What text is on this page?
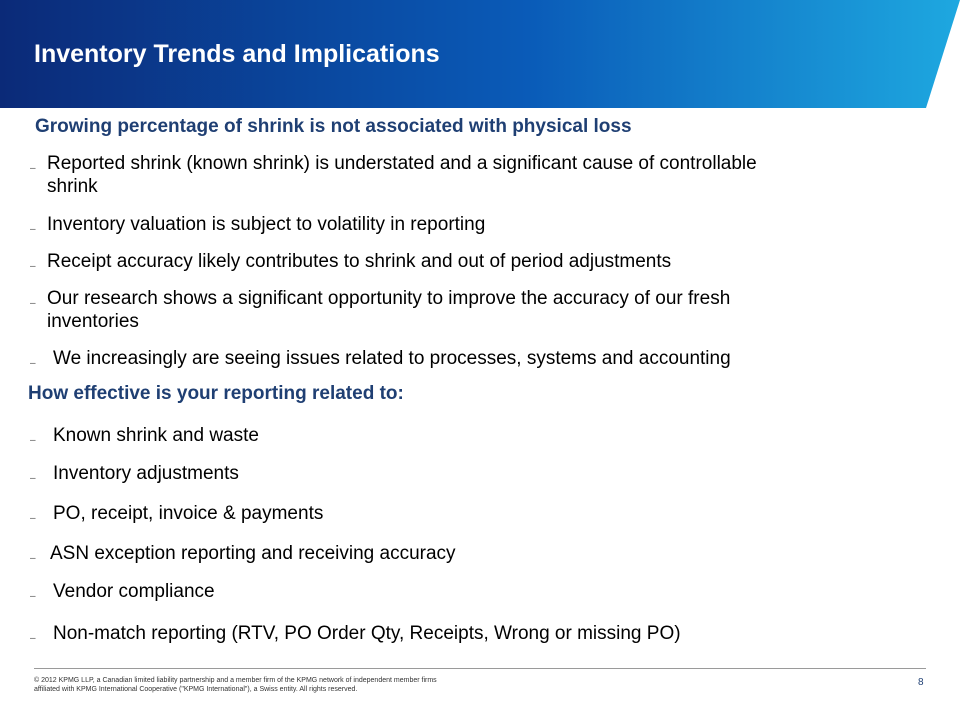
Inventory Trends and Implications
Growing percentage of shrink is not associated with physical loss
– Reported shrink (known shrink) is understated and a significant cause of controllable
shrink
– Inventory valuation is subject to volatility in reporting
– Receipt accuracy likely contributes to shrink and out of period adjustments
– Our research shows a significant opportunity to improve the accuracy of our fresh
inventories
– We increasingly are seeing issues related to processes, systems and accounting
How effective is your reporting related to:
– Known shrink and waste
– Inventory adjustments
– PO, receipt, invoice & payments
– ASN exception reporting and receiving accuracy
– Vendor compliance
– Non-match reporting (RTV, PO Order Qty, Receipts, Wrong or missing PO)
© 2012 KPMG LLP, a Canadian limited liability partnership and a member firm of the KPMG network of independent member firms
affiliated with KPMG International Cooperative ("KPMG International"), a Swiss entity. All rights reserved.
8
